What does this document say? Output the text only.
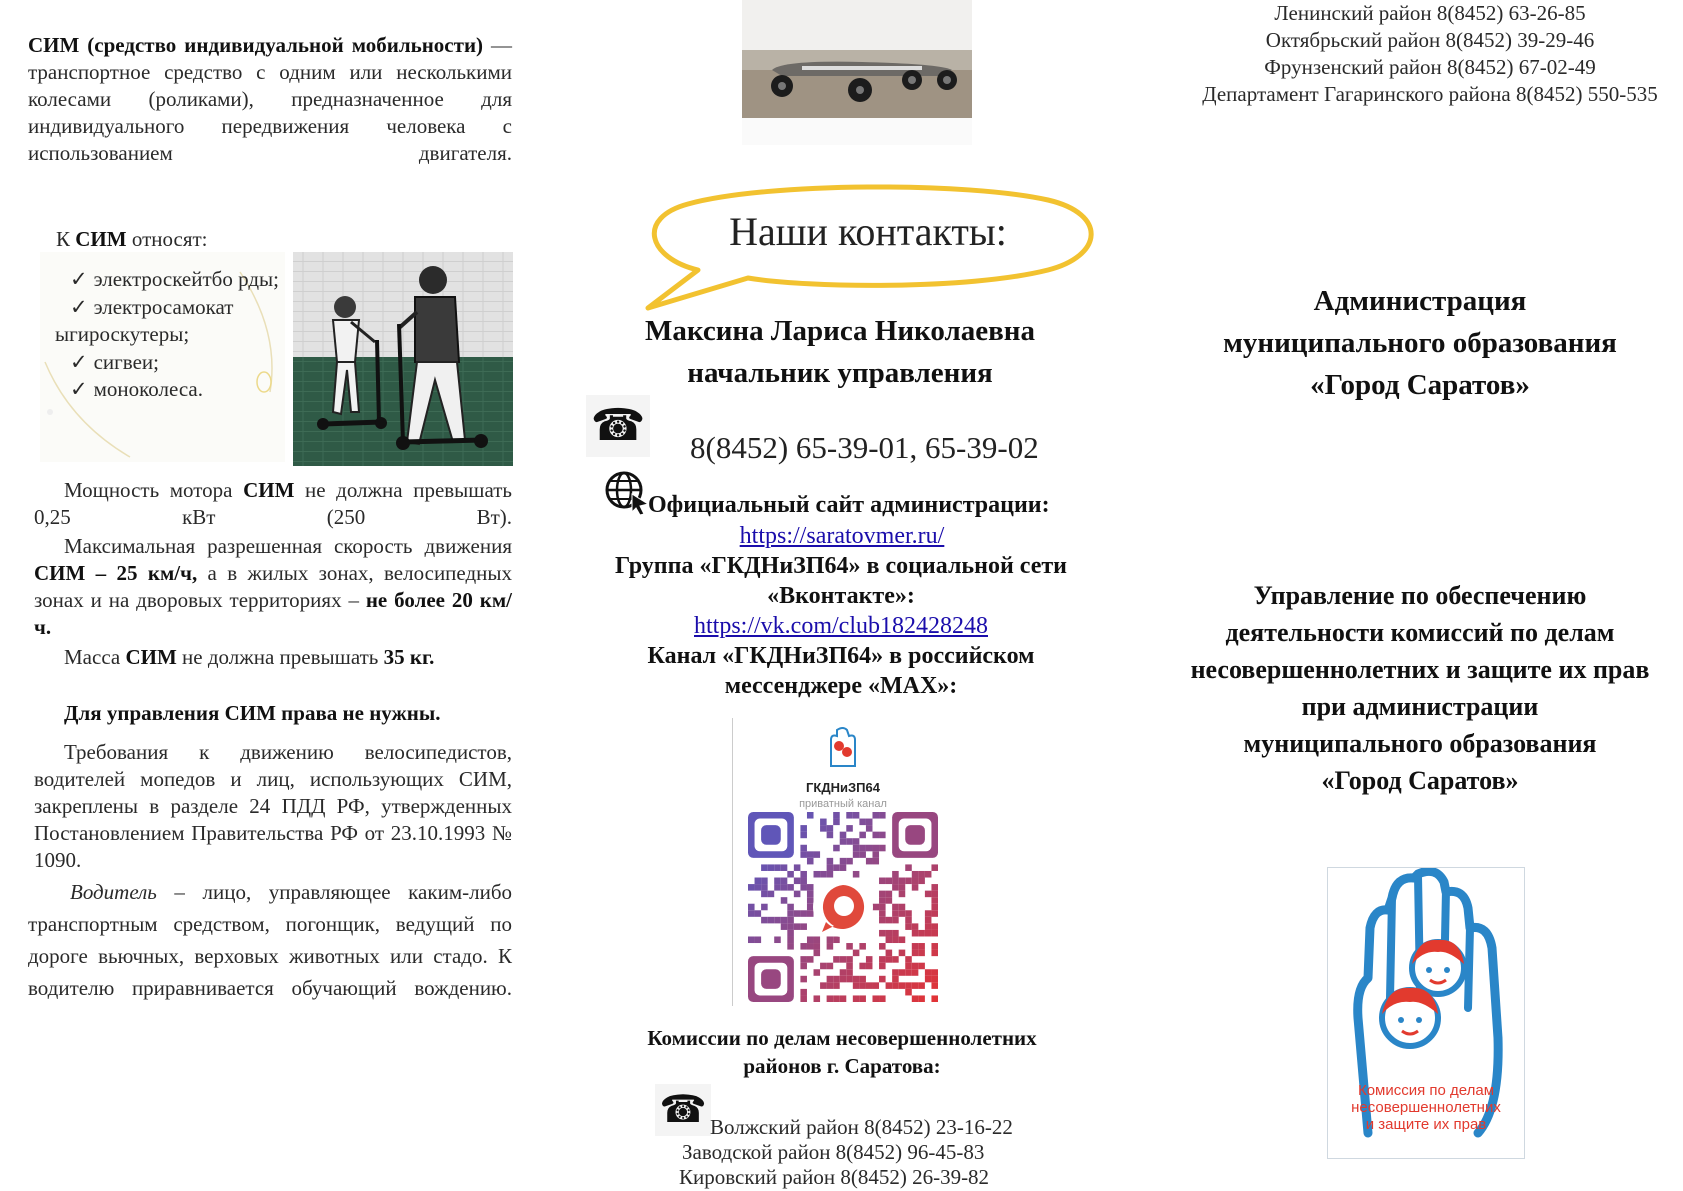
СИМ (средство индивидуальной мобильности) — транспортное средство с одним или несколькими колесами (роликами), предназначенное для индивидуального передвижения человека с использованием двигателя.
К СИМ относят:
✓ электроскейтбо рды;
✓ электросамокат ыгироскутеры;
✓ сигвеи;
✓ моноколеса.
Мощность мотора СИМ не должна превышать 0,25 кВт (250 Вт).
Максимальная разрешенная скорость движения СИМ – 25 км/ч, а в жилых зонах, велосипедных зонах и на дворовых территориях – не более 20 км/ч.
Масса СИМ не должна превышать 35 кг.
Для управления СИМ права не нужны.
Требования к движению велосипедистов, водителей мопедов и лиц, использующих СИМ, закреплены в разделе 24 ПДД РФ, утвержденных Постановлением Правительства РФ от 23.10.1993 № 1090.
Водитель – лицо, управляющее каким-либо транспортным средством, погонщик, ведущий по дороге вьючных, верховых животных или стадо. К водителю приравнивается обучающий вождению.
Наши контакты:
Максина Лариса Николаевна
начальник управления
☎ 8(8452) 65-39-01, 65-39-02
Официальный сайт администрации:
https://saratovmer.ru/
Группа «ГКДНиЗП64» в социальной сети
«Вконтакте»:
https://vk.com/club182428248
Канал «ГКДНиЗП64» в российском
мессенджере «МАХ»:
ГКДНиЗП64
приватный канал
Комиссии по делам несовершеннолетних
районов г. Саратова:
☎ Волжский район 8(8452) 23-16-22
Заводской район 8(8452) 96-45-83
Кировский район 8(8452) 26-39-82
Ленинский район 8(8452) 63-26-85
Октябрьский район 8(8452) 39-29-46
Фрунзенский район 8(8452) 67-02-49
Департамент Гагаринского района 8(8452) 550-535
Администрация
муниципального образования
«Город Саратов»
Управление по обеспечению
деятельности комиссий по делам
несовершеннолетних и защите их прав
при администрации
муниципального образования
«Город Саратов»
Комиссия по делам
несовершеннолетних
и защите их прав
